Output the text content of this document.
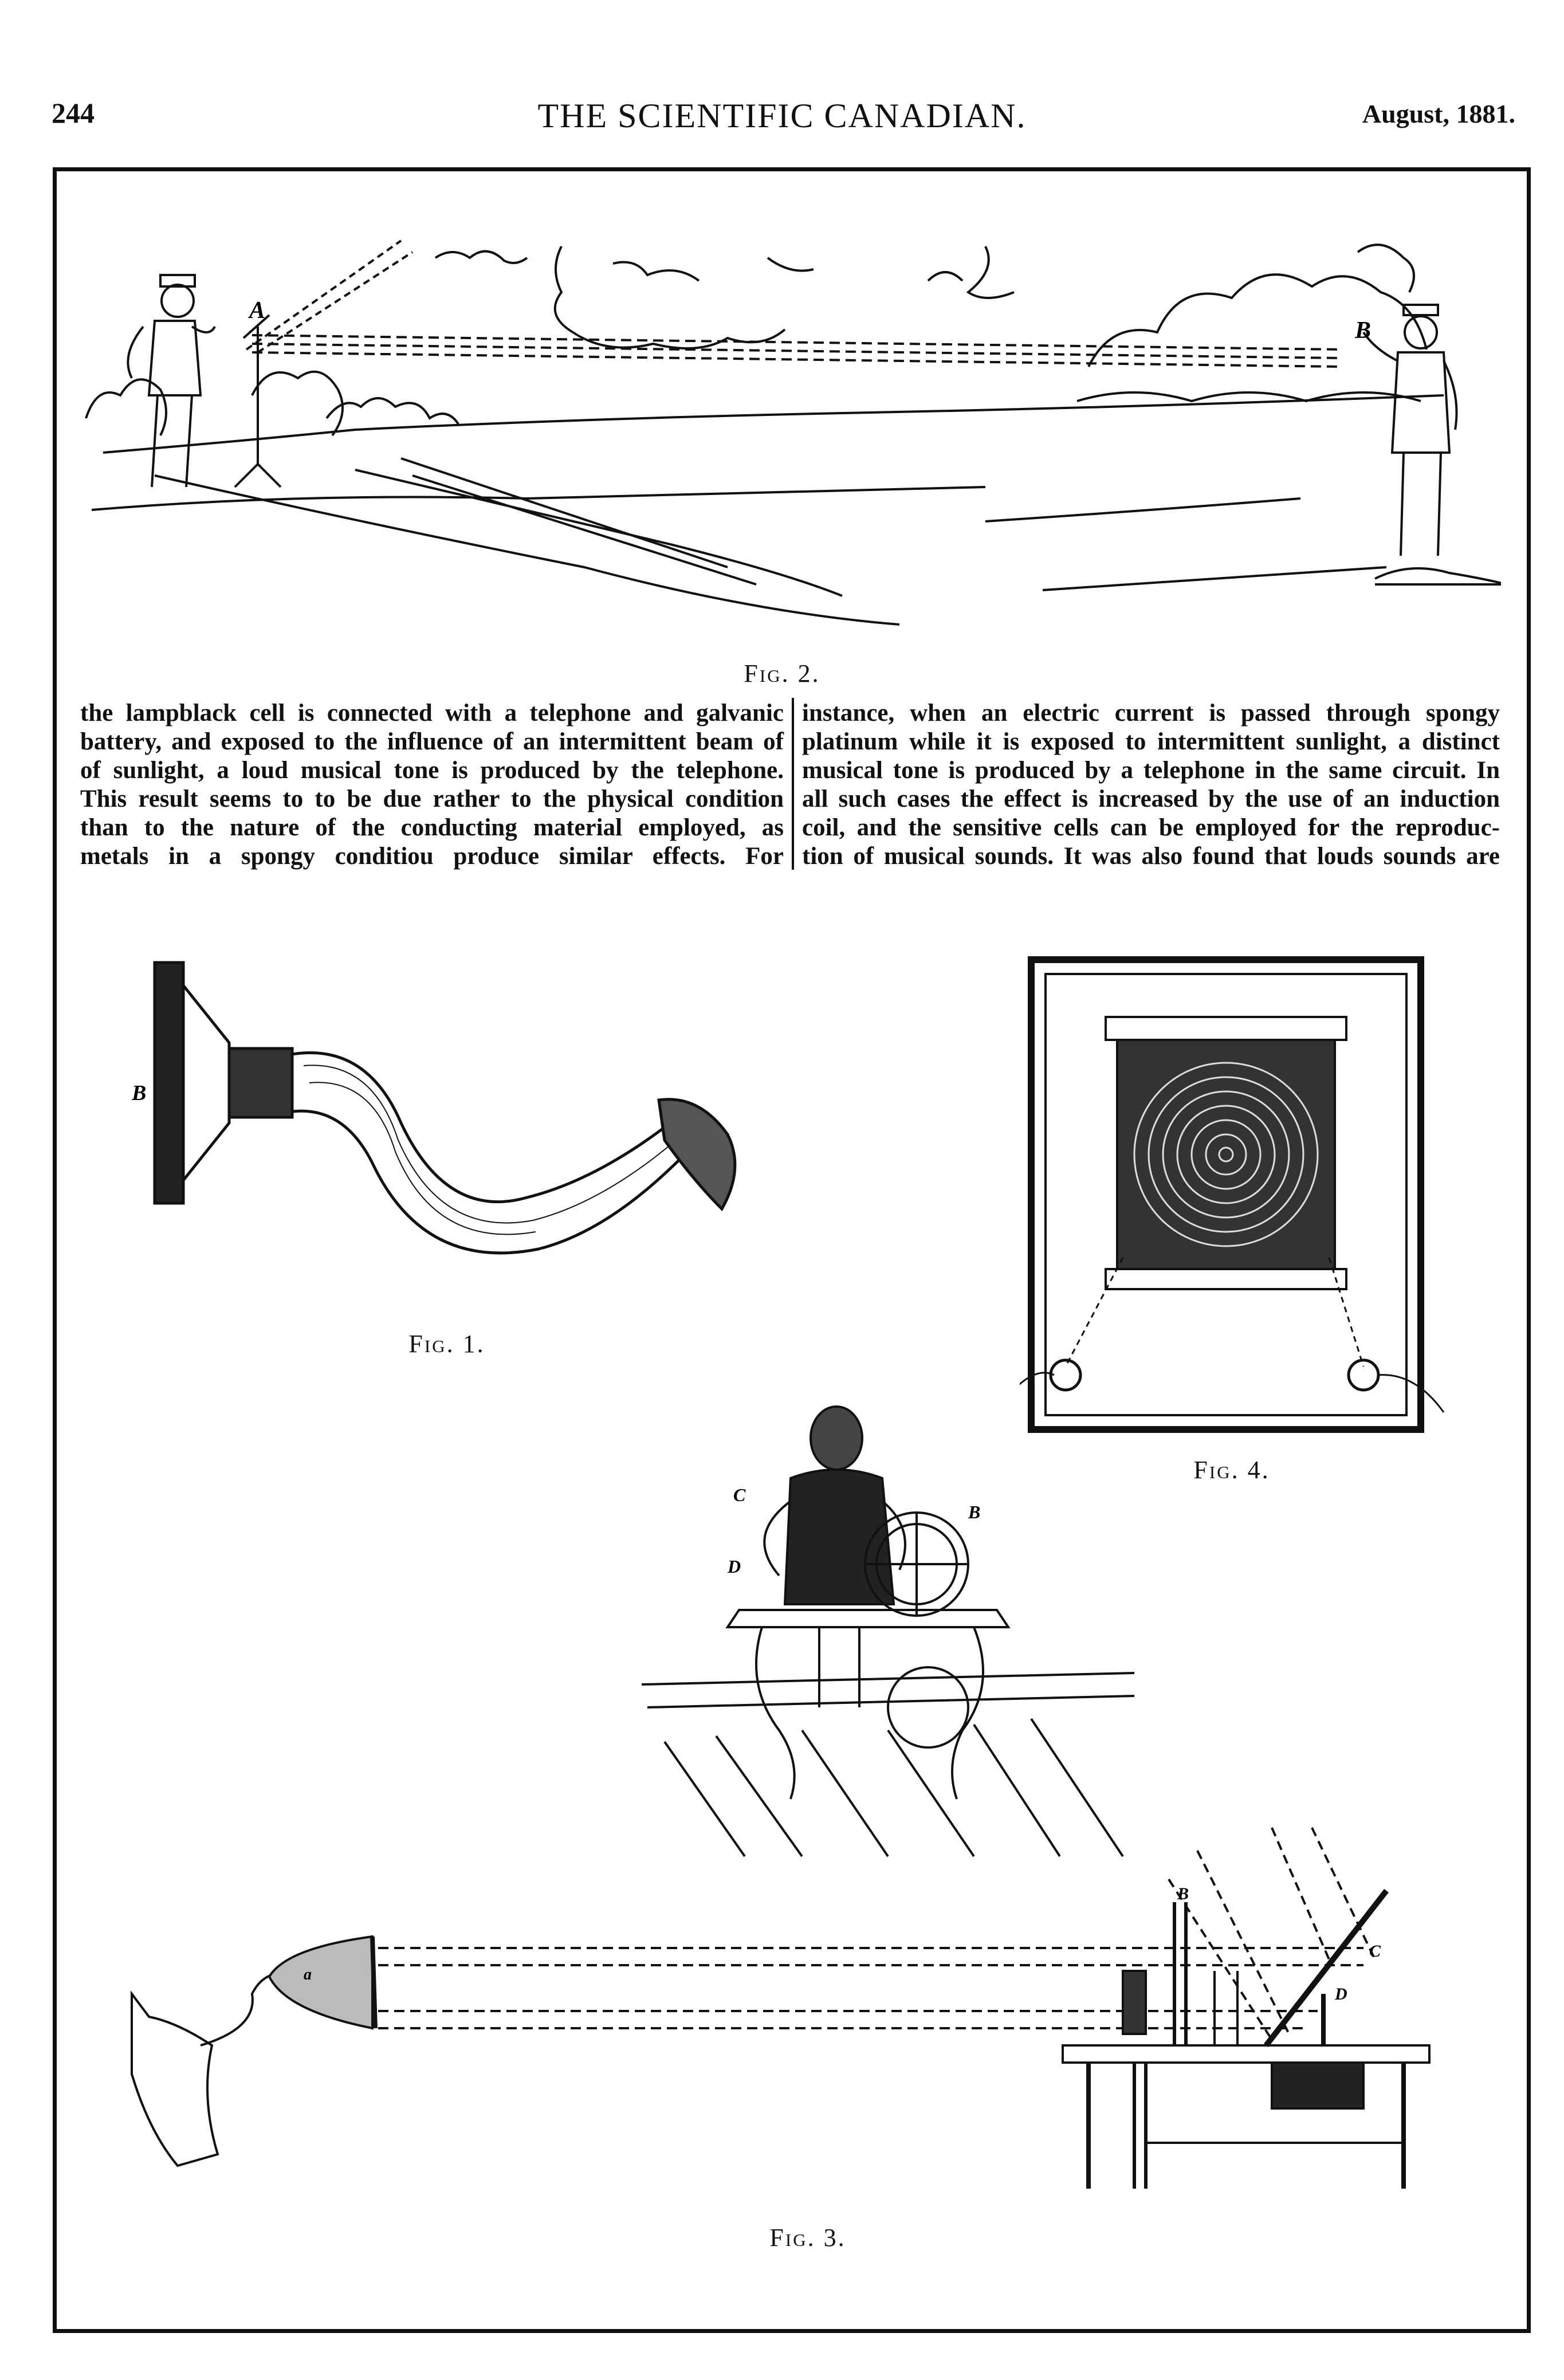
244	THE SCIENTIFIC CANADIAN.	August, 1881.
A
B
Fig. 2.
the lampblack cell is connected with a telephone and galvanic
battery, and exposed to the influence of an intermittent beam of
of sunlight, a loud musical tone is produced by the telephone.
This result seems to to be due rather to the physical condition
than to the nature of the conducting material employed, as
metals in a spongy conditiou produce similar effects. For
instance, when an electric current is passed through spongy
platinum while it is exposed to intermittent sunlight, a distinct
musical tone is produced by a telephone in the same circuit. In
all such cases the effect is increased by the use of an induction
coil, and the sensitive cells can be employed for the reproduc-
tion of musical sounds. It was also found that louds sounds are
B
Fig. 1.
Fig. 4.
C
D
B
a
B
C
D
Fig. 3.
